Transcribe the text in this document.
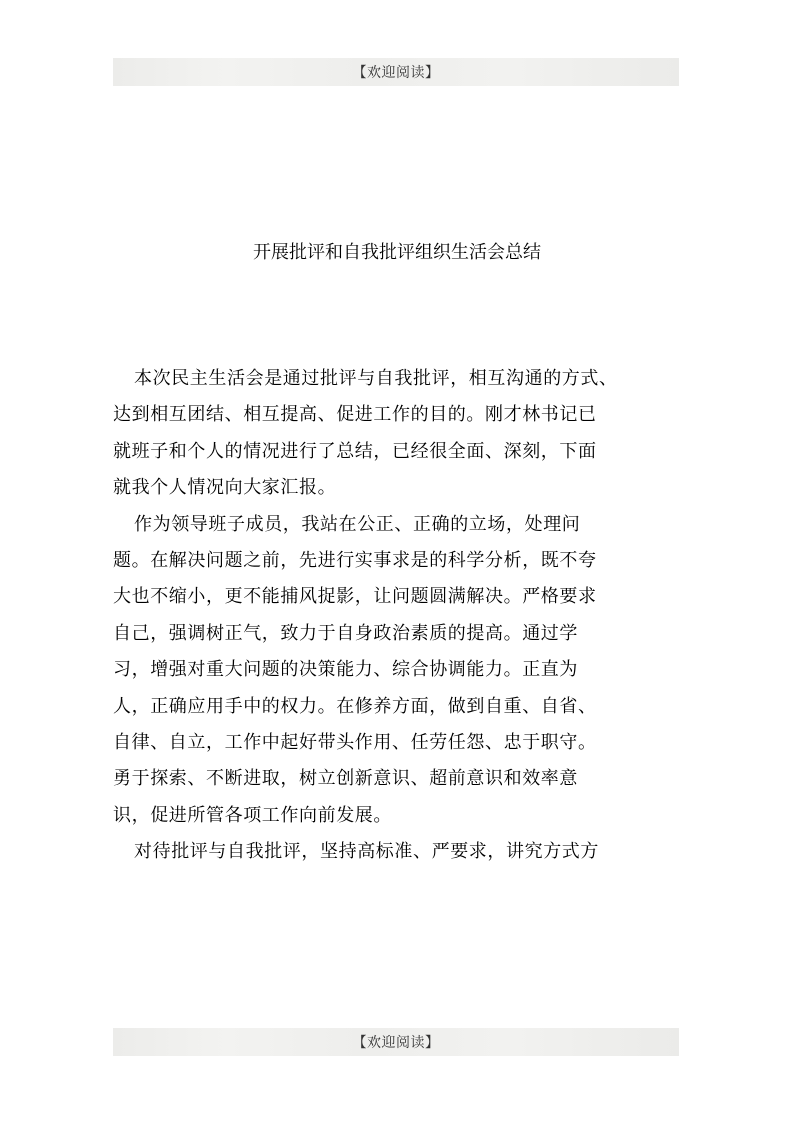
【欢迎阅读】
开展批评和自我批评组织生活会总结
本次民主生活会是通过批评与自我批评，相互沟通的方式、
达到相互团结、相互提高、促进工作的目的。刚才林书记已
就班子和个人的情况进行了总结，已经很全面、深刻，下面
就我个人情况向大家汇报。
作为领导班子成员，我站在公正、正确的立场，处理问
题。在解决问题之前，先进行实事求是的科学分析，既不夸
大也不缩小，更不能捕风捉影，让问题圆满解决。严格要求
自己，强调树正气，致力于自身政治素质的提高。通过学
习，增强对重大问题的决策能力、综合协调能力。正直为
人，正确应用手中的权力。在修养方面，做到自重、自省、
自律、自立，工作中起好带头作用、任劳任怨、忠于职守。
勇于探索、不断进取，树立创新意识、超前意识和效率意
识，促进所管各项工作向前发展。
对待批评与自我批评，坚持高标准、严要求，讲究方式方
【欢迎阅读】
